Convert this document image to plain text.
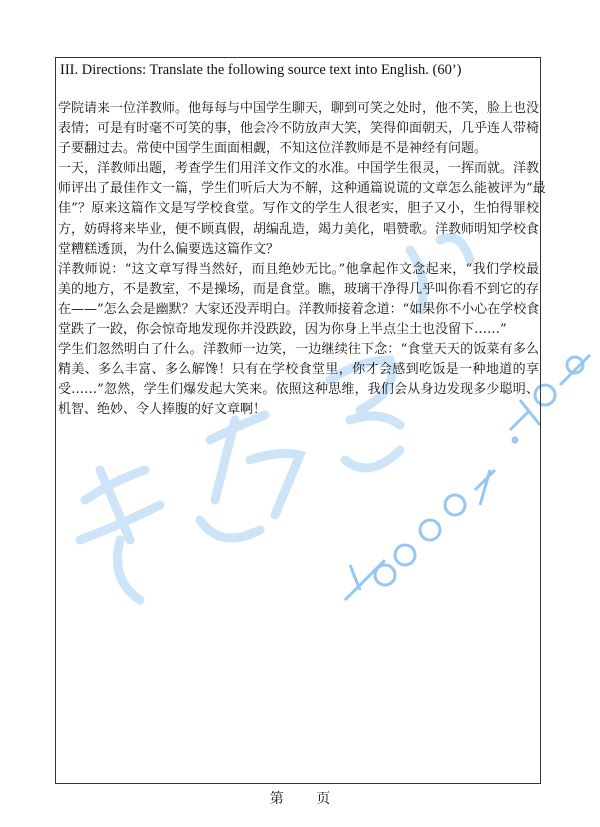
III. Directions: Translate the following source text into English. (60’)
学院请来一位洋教师。他每每与中国学生聊天，聊到可笑之处时，他不笑，脸上也没
表情；可是有时毫不可笑的事，他会冷不防放声大笑，笑得仰面朝天，几乎连人带椅
子要翻过去。常使中国学生面面相觑，不知这位洋教师是不是神经有问题。
一天，洋教师出题，考查学生们用洋文作文的水准。中国学生很灵，一挥而就。洋教
师评出了最佳作文一篇，学生们听后大为不解，这种通篇说谎的文章怎么能被评为“最
佳”？原来这篇作文是写学校食堂。写作文的学生人很老实，胆子又小，生怕得罪校
方，妨碍将来毕业，便不顾真假，胡编乱造，竭力美化，唱赞歌。洋教师明知学校食
堂糟糕透顶，为什么偏要选这篇作文？
洋教师说：“这文章写得当然好，而且绝妙无比。”他拿起作文念起来，“我们学校最
美的地方，不是教室，不是操场，而是食堂。瞧，玻璃干净得几乎叫你看不到它的存
在——”怎么会是幽默？大家还没弄明白。洋教师接着念道：“如果你不小心在学校食
堂跌了一跤，你会惊奇地发现你并没跌跤，因为你身上半点尘土也没留下……”
学生们忽然明白了什么。洋教师一边笑，一边继续往下念：“食堂天天的饭菜有多么
精美、多么丰富、多么解馋！只有在学校食堂里，你才会感到吃饭是一种地道的享
受……”忽然，学生们爆发起大笑来。依照这种思维，我们会从身边发现多少聪明、
机智、绝妙、令人捧腹的好文章啊！
第 页
